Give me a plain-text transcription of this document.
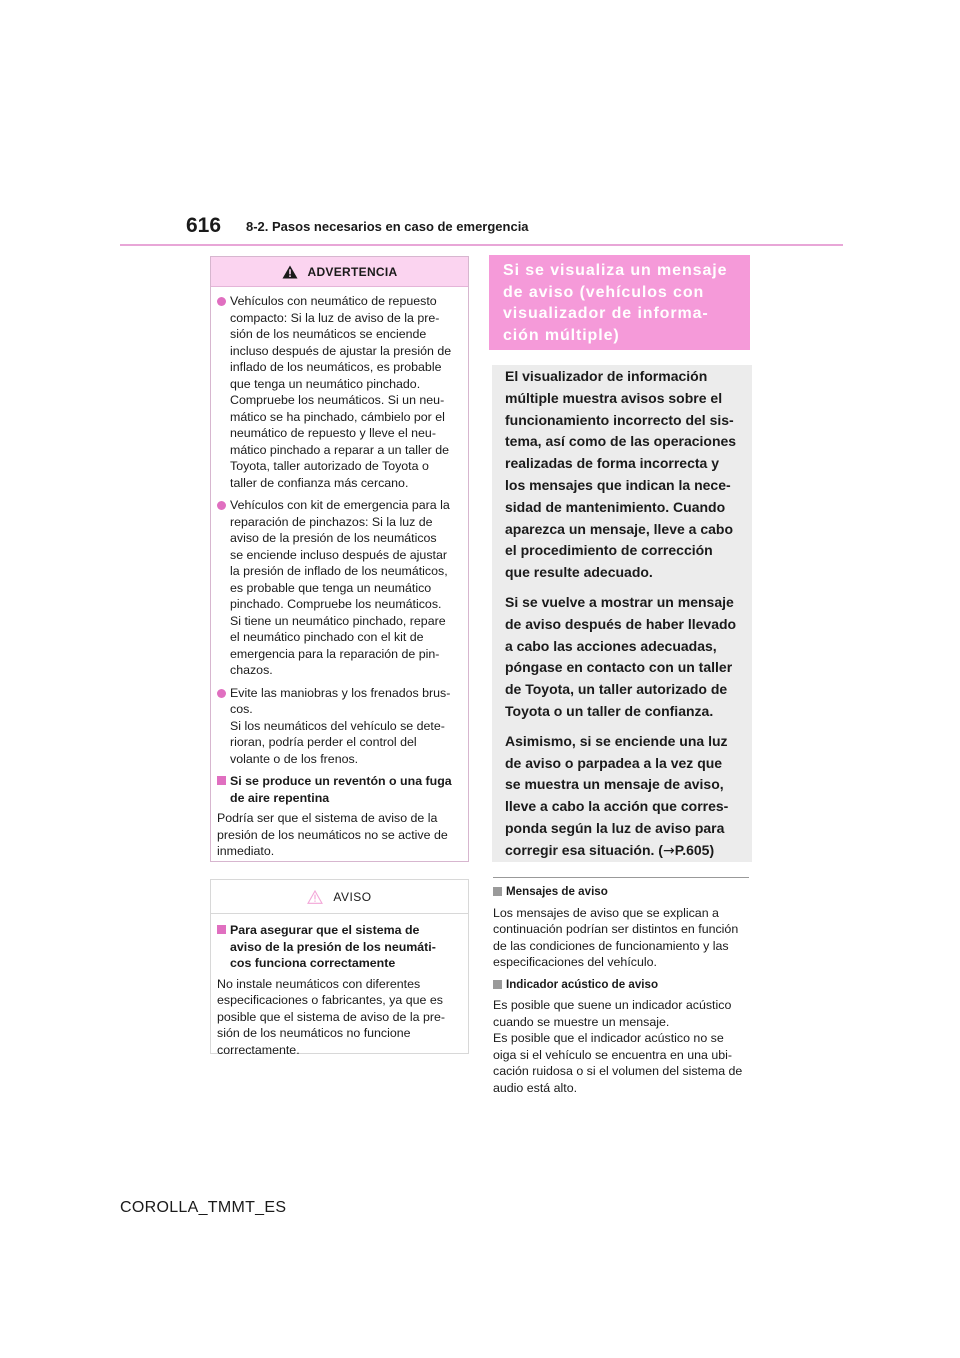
616 8-2. Pasos necesarios en caso de emergencia
ADVERTENCIA
Vehículos con neumático de repuesto
compacto: Si la luz de aviso de la pre-
sión de los neumáticos se enciende
incluso después de ajustar la presión de
inflado de los neumáticos, es probable
que tenga un neumático pinchado.
Compruebe los neumáticos. Si un neu-
mático se ha pinchado, cámbielo por el
neumático de repuesto y lleve el neu-
mático pinchado a reparar a un taller de
Toyota, taller autorizado de Toyota o
taller de confianza más cercano.
Vehículos con kit de emergencia para la
reparación de pinchazos: Si la luz de
aviso de la presión de los neumáticos
se enciende incluso después de ajustar
la presión de inflado de los neumáticos,
es probable que tenga un neumático
pinchado. Compruebe los neumáticos.
Si tiene un neumático pinchado, repare
el neumático pinchado con el kit de
emergencia para la reparación de pin-
chazos.
Evite las maniobras y los frenados brus-
cos.
Si los neumáticos del vehículo se dete-
rioran, podría perder el control del
volante o de los frenos.
Si se produce un reventón o una fuga
de aire repentina
Podría ser que el sistema de aviso de la
presión de los neumáticos no se active de
inmediato.
AVISO
Para asegurar que el sistema de
aviso de la presión de los neumáti-
cos funciona correctamente
No instale neumáticos con diferentes
especificaciones o fabricantes, ya que es
posible que el sistema de aviso de la pre-
sión de los neumáticos no funcione
correctamente.
Si se visualiza un mensaje
de aviso (vehículos con
visualizador de informa-
ción múltiple)

El visualizador de información
múltiple muestra avisos sobre el
funcionamiento incorrecto del sis-
tema, así como de las operaciones
realizadas de forma incorrecta y
los mensajes que indican la nece-
sidad de mantenimiento. Cuando
aparezca un mensaje, lleve a cabo
el procedimiento de corrección
que resulte adecuado.

Si se vuelve a mostrar un mensaje
de aviso después de haber llevado
a cabo las acciones adecuadas,
póngase en contacto con un taller
de Toyota, un taller autorizado de
Toyota o un taller de confianza.

Asimismo, si se enciende una luz
de aviso o parpadea a la vez que
se muestra un mensaje de aviso,
lleve a cabo la acción que corres-
ponda según la luz de aviso para
corregir esa situación. (→P.605)

Mensajes de aviso
Los mensajes de aviso que se explican a
continuación podrían ser distintos en función
de las condiciones de funcionamiento y las
especificaciones del vehículo.
Indicador acústico de aviso
Es posible que suene un indicador acústico
cuando se muestre un mensaje.
Es posible que el indicador acústico no se
oiga si el vehículo se encuentra en una ubi-
cación ruidosa o si el volumen del sistema de
audio está alto.
COROLLA_TMMT_ES
